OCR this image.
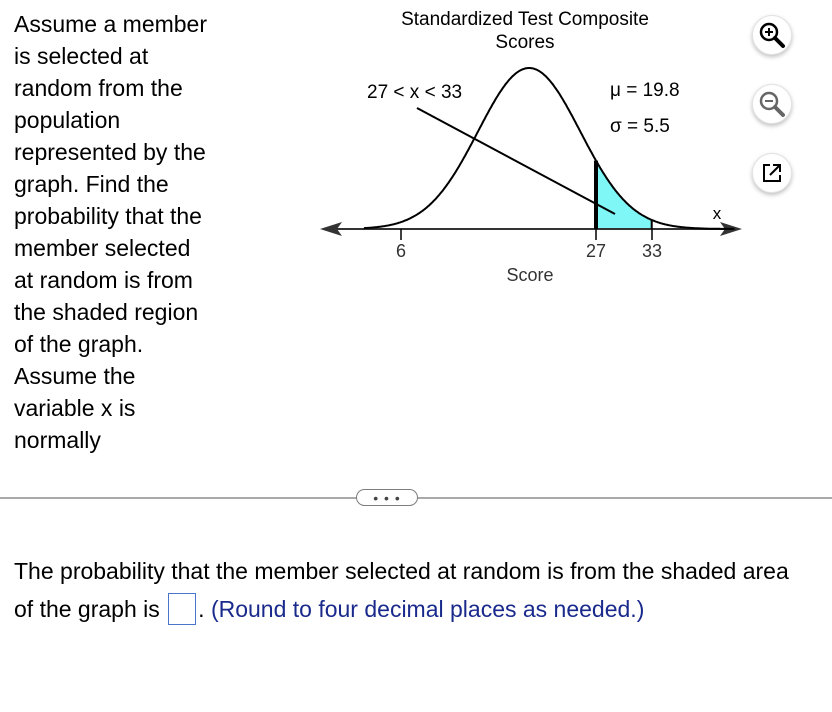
Assume a member
is selected at
random from the
population
represented by the
graph. Find the
probability that the
member selected
at random is from
the shaded region
of the graph.
Assume the
variable x is
normally
Standardized Test Composite
Scores
27 < x < 33	μ = 19.8
σ = 5.5
x
6	27 33
Score
• • •
The probability that the member selected at random is from the shaded area of the graph is . (Round to four decimal places as needed.)
